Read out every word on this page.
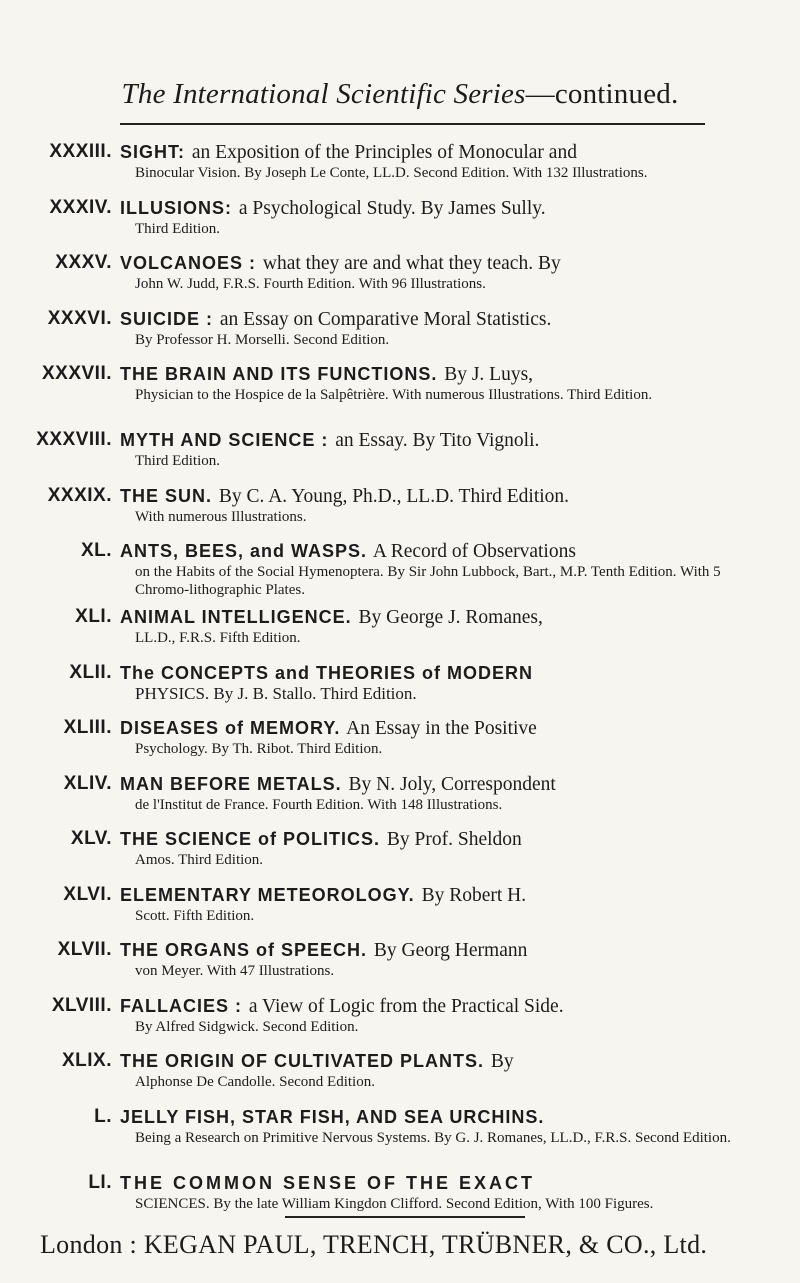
The International Scientific Series—continued.
XXXIII. SIGHT: an Exposition of the Principles of Monocular and
Binocular Vision. By Joseph Le Conte, LL.D. Second Edition. With 132 Illustrations.
XXXIV. ILLUSIONS: a Psychological Study. By James Sully.
Third Edition.
XXXV. VOLCANOES : what they are and what they teach. By
John W. Judd, F.R.S. Fourth Edition. With 96 Illustrations.
XXXVI. SUICIDE : an Essay on Comparative Moral Statistics.
By Professor H. Morselli. Second Edition.
XXXVII. THE BRAIN AND ITS FUNCTIONS. By J. Luys,
Physician to the Hospice de la Salpêtrière. With numerous Illustrations. Third Edition.
XXXVIII. MYTH AND SCIENCE : an Essay. By Tito Vignoli.
Third Edition.
XXXIX. THE SUN. By C. A. Young, Ph.D., LL.D. Third Edition.
With numerous Illustrations.
XL. ANTS, BEES, and WASPS. A Record of Observations
on the Habits of the Social Hymenoptera. By Sir John Lubbock, Bart., M.P. Tenth Edition. With 5 Chromo-lithographic Plates.
XLI. ANIMAL INTELLIGENCE. By George J. Romanes,
LL.D., F.R.S. Fifth Edition.
XLII. The CONCEPTS and THEORIES of MODERN
PHYSICS. By J. B. Stallo. Third Edition.
XLIII. DISEASES of MEMORY. An Essay in the Positive
Psychology. By Th. Ribot. Third Edition.
XLIV. MAN BEFORE METALS. By N. Joly, Correspondent
de l'Institut de France. Fourth Edition. With 148 Illustrations.
XLV. THE SCIENCE of POLITICS. By Prof. Sheldon
Amos. Third Edition.
XLVI. ELEMENTARY METEOROLOGY. By Robert H.
Scott. Fifth Edition.
XLVII. THE ORGANS of SPEECH. By Georg Hermann
von Meyer. With 47 Illustrations.
XLVIII. FALLACIES : a View of Logic from the Practical Side.
By Alfred Sidgwick. Second Edition.
XLIX. THE ORIGIN OF CULTIVATED PLANTS. By
Alphonse De Candolle. Second Edition.
L. JELLY FISH, STAR FISH, AND SEA URCHINS.
Being a Research on Primitive Nervous Systems. By G. J. Romanes, LL.D., F.R.S. Second Edition.
LI. THE COMMON SENSE OF THE EXACT
SCIENCES. By the late William Kingdon Clifford. Second Edition, With 100 Figures.
London : KEGAN PAUL, TRENCH, TRÜBNER, & CO., Ltd.
